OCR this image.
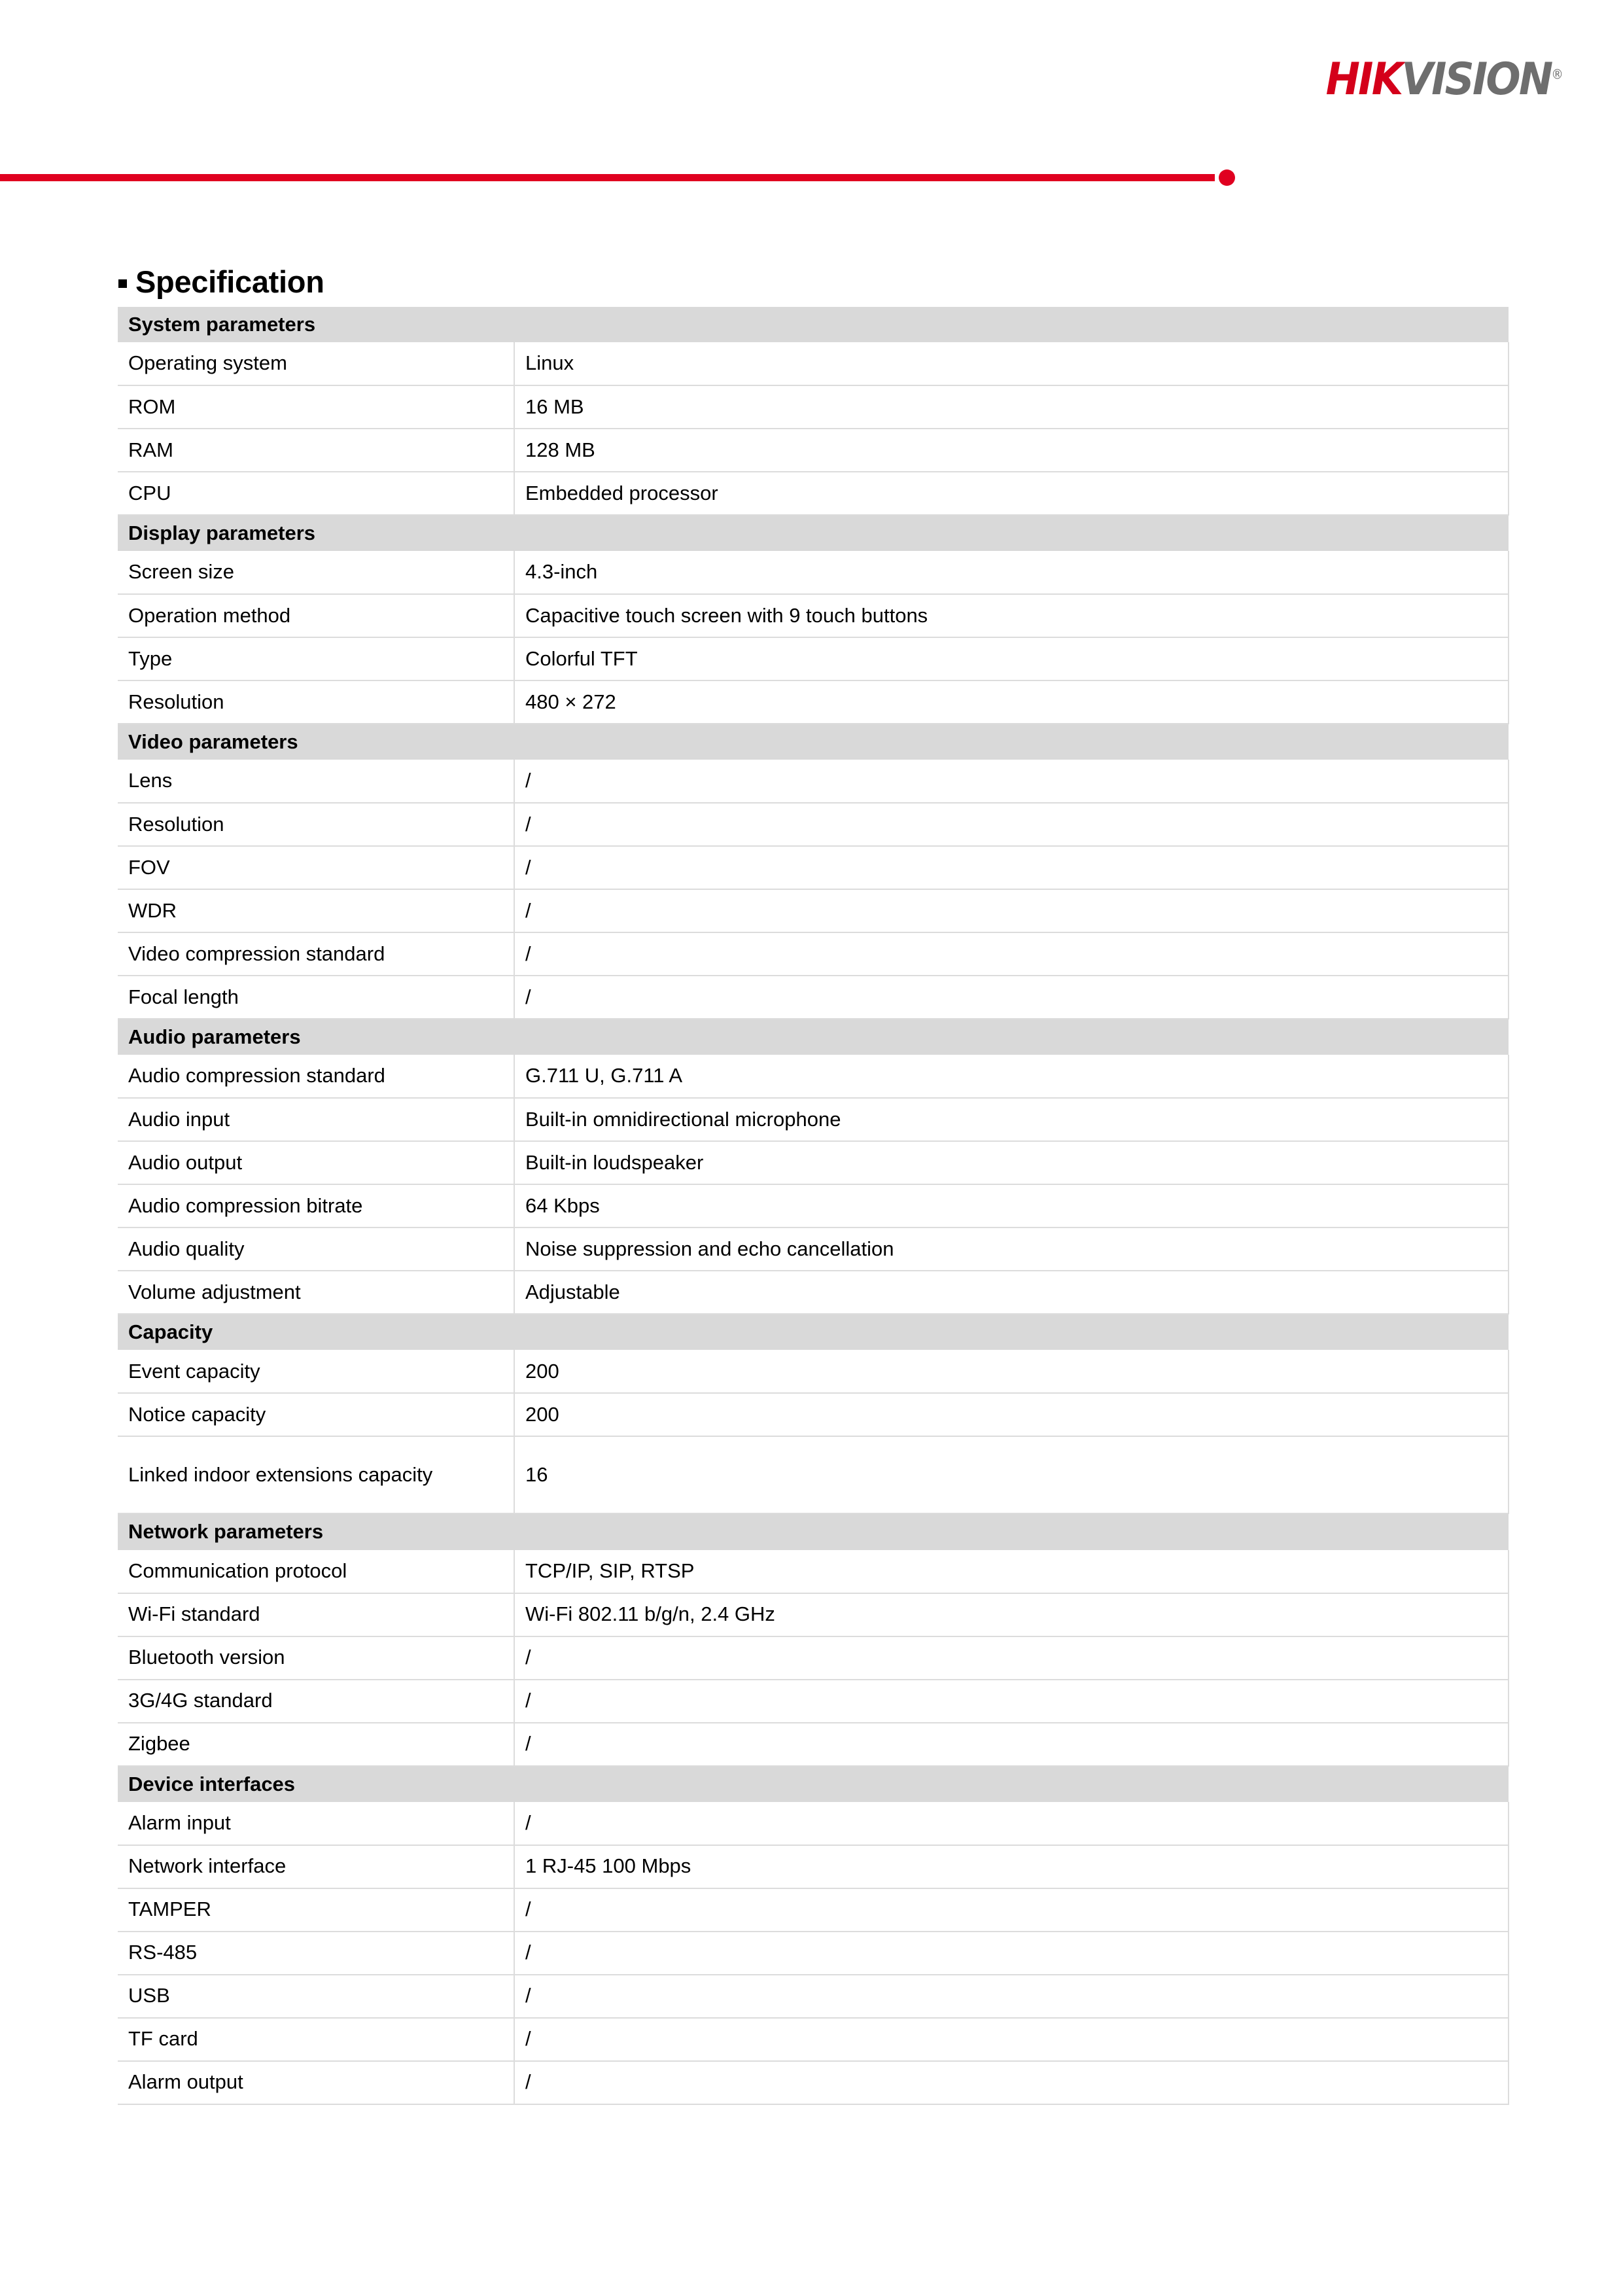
HIKVISION®
Specification
System parameters	
Operating system	Linux
ROM	16 MB
RAM	128 MB
CPU	Embedded processor
Display parameters	
Screen size	4.3-inch
Operation method	Capacitive touch screen with 9 touch buttons
Type	Colorful TFT
Resolution	480 × 272
Video parameters	
Lens	/
Resolution	/
FOV	/
WDR	/
Video compression standard	/
Focal length	/
Audio parameters	
Audio compression standard	G.711 U, G.711 A
Audio input	Built-in omnidirectional microphone
Audio output	Built-in loudspeaker
Audio compression bitrate	64 Kbps
Audio quality	Noise suppression and echo cancellation
Volume adjustment	Adjustable
Capacity	
Event capacity	200
Notice capacity	200

Linked indoor extensions capacity	16
Network parameters	
Communication protocol	TCP/IP, SIP, RTSP
Wi-Fi standard	Wi-Fi 802.11 b/g/n, 2.4 GHz
Bluetooth version	/
3G/4G standard	/
Zigbee	/
Device interfaces	
Alarm input	/
Network interface	1 RJ-45 100 Mbps
TAMPER	/
RS-485	/
USB	/
TF card	/
Alarm output	/
